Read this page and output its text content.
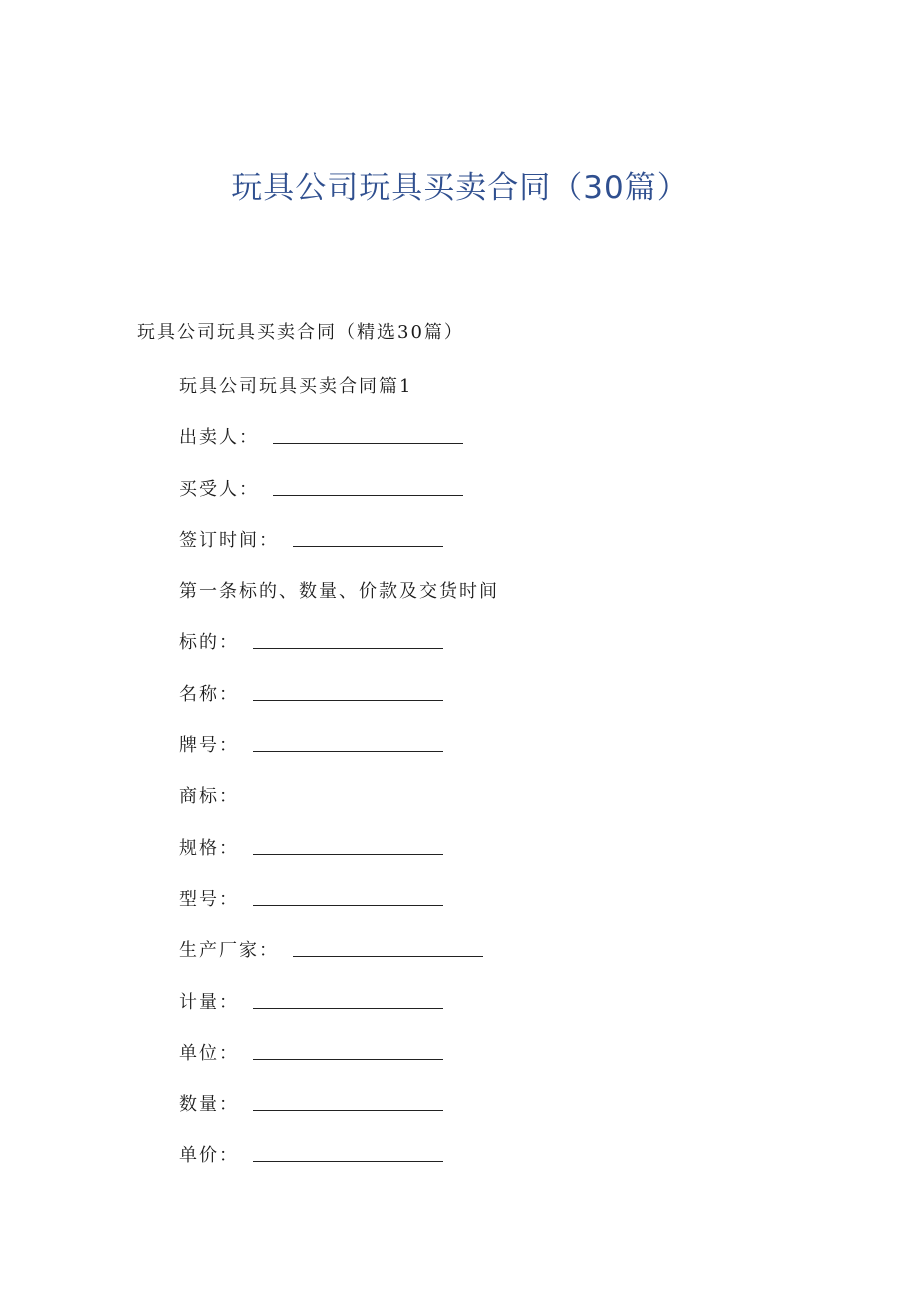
玩具公司玩具买卖合同（30篇）

玩具公司玩具买卖合同（精选30篇）

玩具公司玩具买卖合同篇1
出卖人：
买受人：
签订时间：
第一条标的、数量、价款及交货时间
标的：
名称：
牌号：
商标：
规格：
型号：
生产厂家：
计量：
单位：
数量：
单价：
